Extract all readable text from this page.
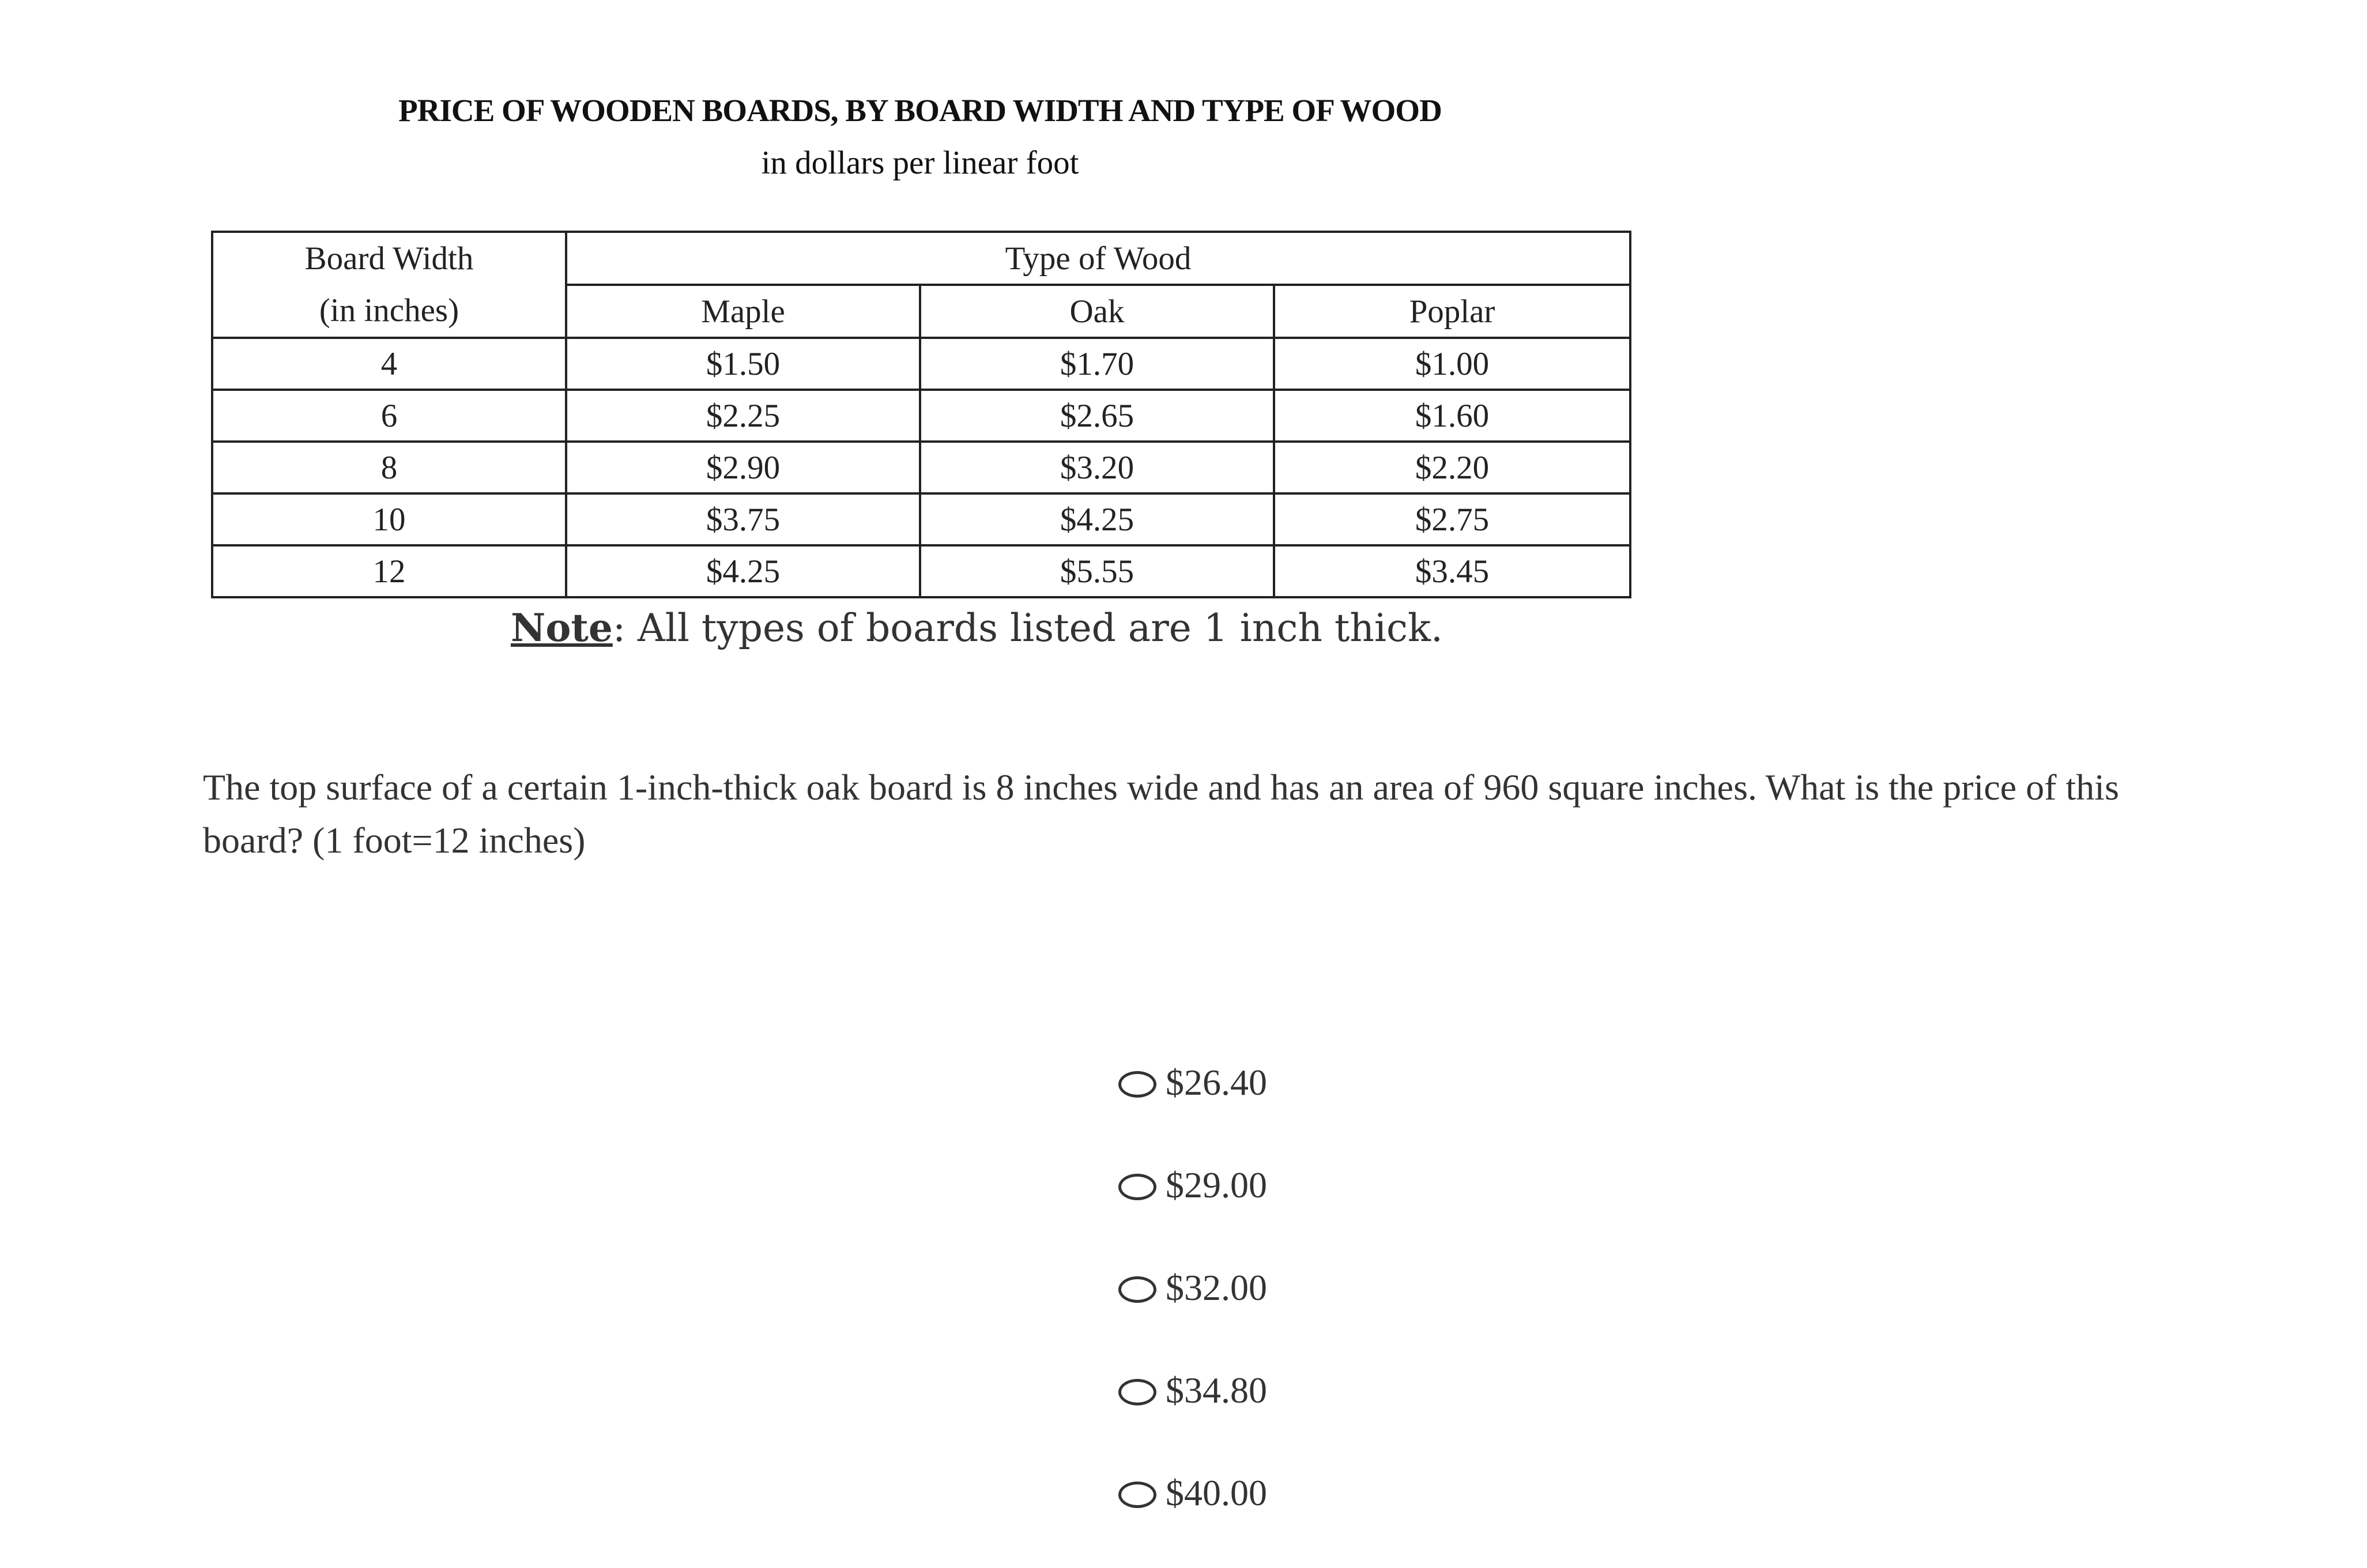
PRICE OF WOODEN BOARDS, BY BOARD WIDTH AND TYPE OF WOOD
in dollars per linear foot
Board Width
(in inches)	Type of Wood		
	Maple	Oak	Poplar
4	$1.50	$1.70	$1.00
6	$2.25	$2.65	$1.60
8	$2.90	$3.20	$2.20
10	$3.75	$4.25	$2.75
12	$4.25	$5.55	$3.45
Note: All types of boards listed are 1 inch thick.
The top surface of a certain 1-inch-thick oak board is 8 inches wide and has an area of 960 square inches. What is the price of this board? (1 foot=12 inches)
$26.40
$29.00
$32.00
$34.80
$40.00
